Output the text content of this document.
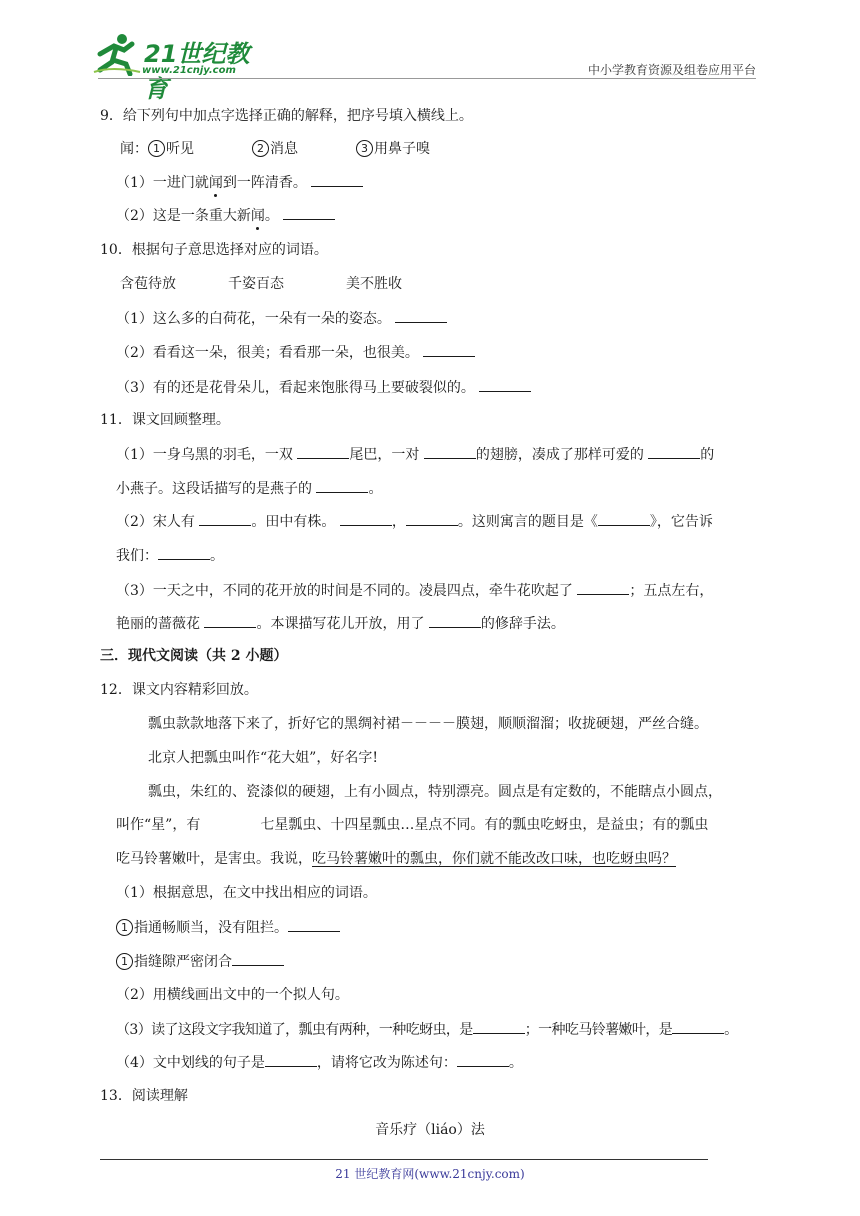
21世纪教育
www.21cnjy.com	中小学教育资源及组卷应用平台
9．给下列句中加点字选择正确的解释，把序号填入横线上。
闻： 1 听见	2 消息	3 用鼻子嗅
（1）一进门就闻到一阵清香。
（2）这是一条重大新闻。
10．根据句子意思选择对应的词语。
含苞待放	千姿百态	美不胜收
（1）这么多的白荷花，一朵有一朵的姿态。
（2）看看这一朵，很美；看看那一朵，也很美。
（3）有的还是花骨朵儿，看起来饱胀得马上要破裂似的。
11．课文回顾整理。
（1）一身乌黑的羽毛，一双	尾巴，一对	的翅膀，凑成了那样可爱的	的
小燕子。这段话描写的是燕子的	。
（2）宋人有	。田中有株。	，	。这则寓言的题目是《	》，它告诉
我们：	。
（3）一天之中，不同的花开放的时间是不同的。凌晨四点，牵牛花吹起了	；五点左右，
艳丽的蔷薇花	。本课描写花儿开放，用了	的修辞手法。
三．现代文阅读（共 2 小题）
12．课文内容精彩回放。
瓢虫款款地落下来了，折好它的黑绸衬裙－－－－膜翅，顺顺溜溜；收拢硬翅，严丝合缝。
北京人把瓢虫叫作“花大姐”，好名字!
瓢虫，朱红的、瓷漆似的硬翅，上有小圆点，特别漂亮。圆点是有定数的，不能瞎点小圆点，
叫作“星”，有	七星瓢虫、十四星瓢虫…星点不同。有的瓢虫吃蚜虫，是益虫；有的瓢虫
吃马铃薯嫩叶，是害虫。我说，吃马铃薯嫩叶的瓢虫，你们就不能改改口味，也吃蚜虫吗？
（1）根据意思，在文中找出相应的词语。
1 指通畅顺当，没有阻拦。
1 指缝隙严密闭合
（2）用横线画出文中的一个拟人句。
（3）读了这段文字我知道了，瓢虫有两种，一种吃蚜虫，是	；一种吃马铃薯嫩叶，是	。
（4）文中划线的句子是	，请将它改为陈述句：	。
13．阅读理解
音乐疗（liáo）法
21 世纪教育网(www.21cnjy.com)
